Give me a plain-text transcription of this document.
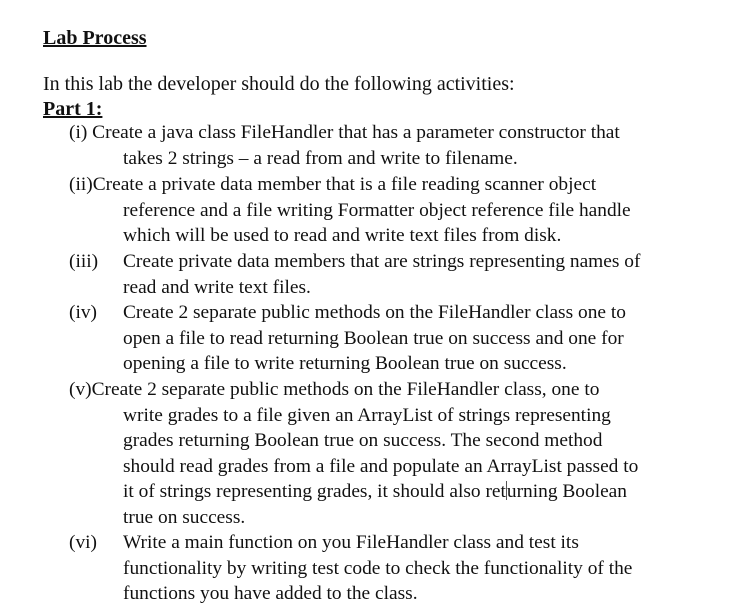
Lab Process
In this lab the developer should do the following activities:
Part 1:
(i) Create a java class FileHandler that has a parameter constructor that
takes 2 strings – a read from and write to filename.
(ii)Create a private data member that is a file reading scanner object
reference and a file writing Formatter object reference file handle
which will be used to read and write text files from disk.
(iii)	Create private data members that are strings representing names of
read and write text files.
(iv)	Create 2 separate public methods on the FileHandler class one to
open a file to read returning Boolean true on success and one for
opening a file to write returning Boolean true on success.
(v)Create 2 separate public methods on the FileHandler class, one to
write grades to a file given an ArrayList of strings representing
grades returning Boolean true on success. The second method
should read grades from a file and populate an ArrayList passed to
it of strings representing grades, it should also returning Boolean
true on success.
(vi)	Write a main function on you FileHandler class and test its
functionality by writing test code to check the functionality of the
functions you have added to the class.
